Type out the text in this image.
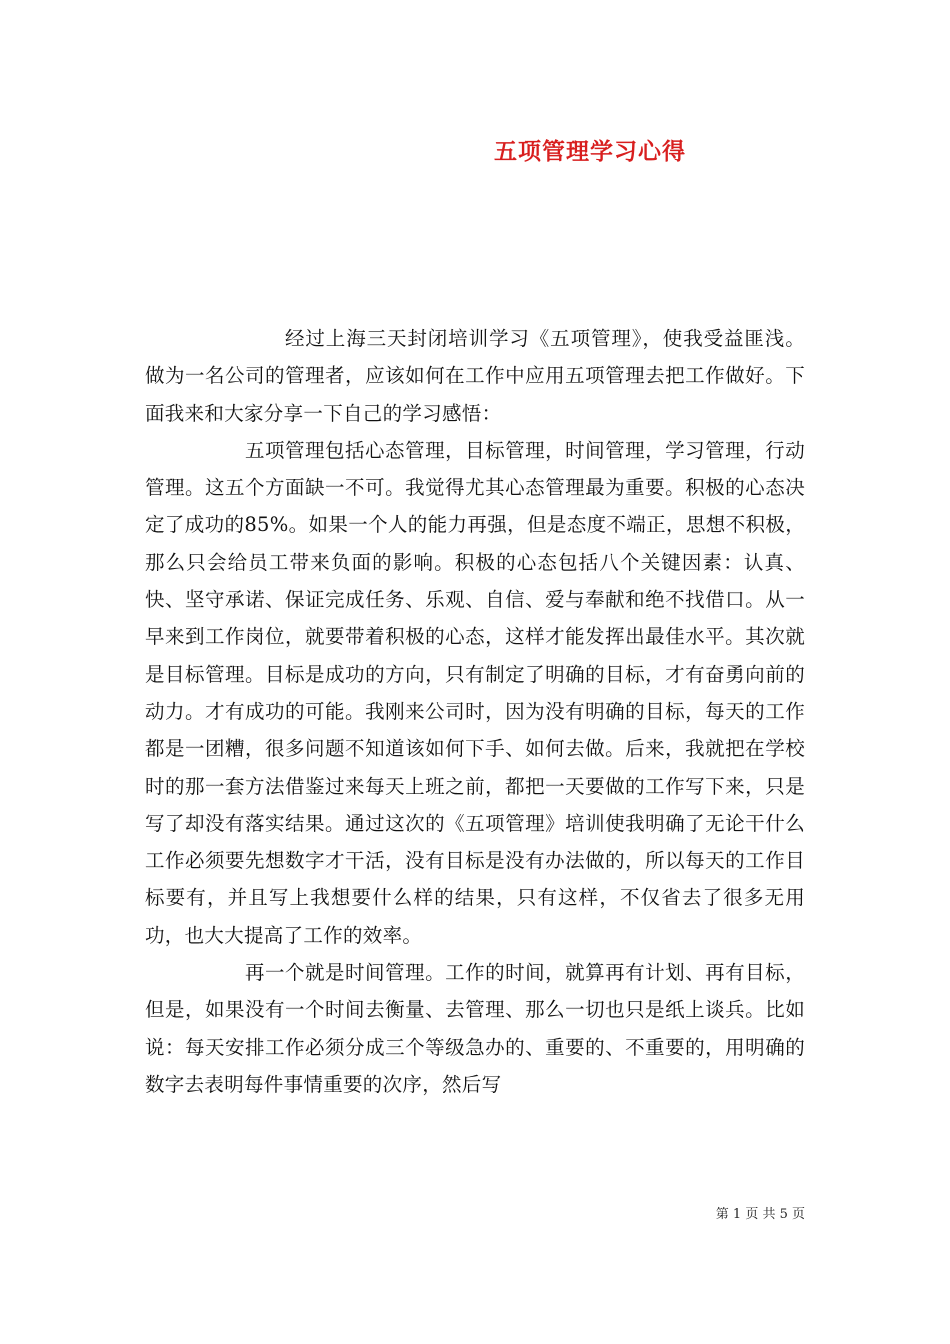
五项管理学习心得

经过上海三天封闭培训学习《五项管理》，使我受益匪浅。做为一名公司的管理者，应该如何在工作中应用五项管理去把工作做好。下面我来和大家分享一下自己的学习感悟：

五项管理包括心态管理，目标管理，时间管理，学习管理，行动管理。这五个方面缺一不可。我觉得尤其心态管理最为重要。积极的心态决定了成功的85%。如果一个人的能力再强，但是态度不端正，思想不积极，那么只会给员工带来负面的影响。积极的心态包括八个关键因素：认真、快、坚守承诺、保证完成任务、乐观、自信、爱与奉献和绝不找借口。从一早来到工作岗位，就要带着积极的心态，这样才能发挥出最佳水平。其次就是目标管理。目标是成功的方向，只有制定了明确的目标，才有奋勇向前的动力。才有成功的可能。我刚来公司时，因为没有明确的目标，每天的工作都是一团糟，很多问题不知道该如何下手、如何去做。后来，我就把在学校时的那一套方法借鉴过来每天上班之前，都把一天要做的工作写下来，只是写了却没有落实结果。通过这次的《五项管理》培训使我明确了无论干什么工作必须要先想数字才干活，没有目标是没有办法做的，所以每天的工作目标要有，并且写上我想要什么样的结果，只有这样，不仅省去了很多无用功，也大大提高了工作的效率。

再一个就是时间管理。工作的时间，就算再有计划、再有目标，但是，如果没有一个时间去衡量、去管理、那么一切也只是纸上谈兵。比如说：每天安排工作必须分成三个等级急办的、重要的、不重要的，用明确的数字去表明每件事情重要的次序，然后写

第 1 页 共 5 页
